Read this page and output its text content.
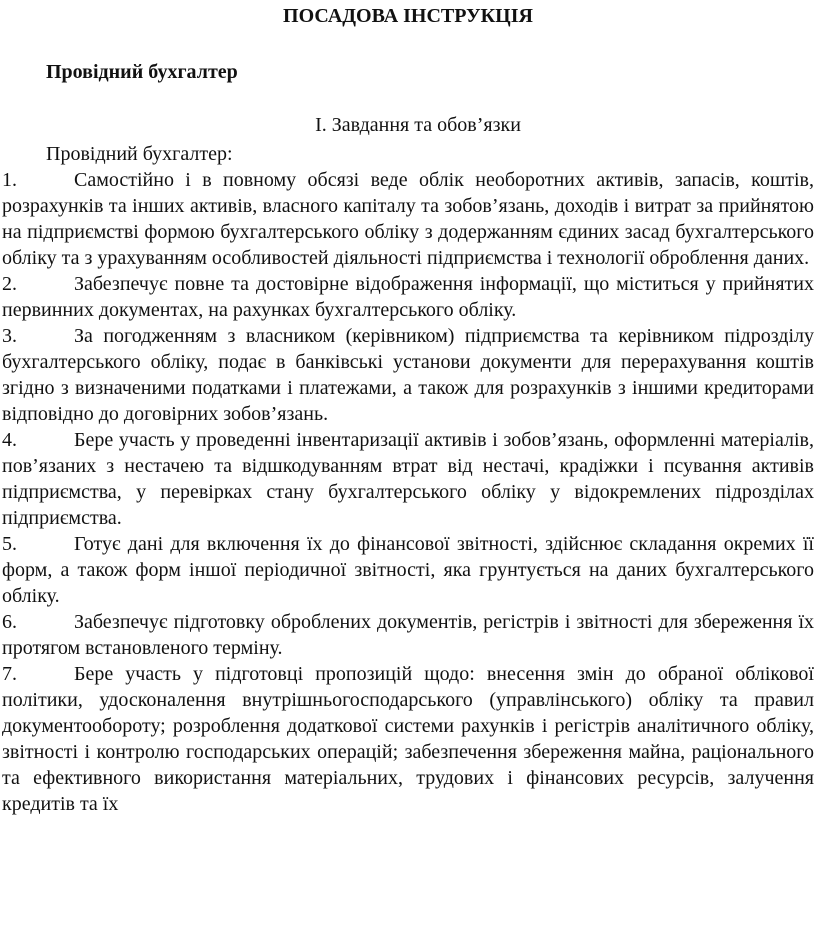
ПОСАДОВА ІНСТРУКЦІЯ
Провідний бухгалтер
I. Завдання та обов’язки
Провідний бухгалтер:

1.	Самостійно і в повному обсязі веде облік необоротних активів, запасів, коштів, розрахунків та інших активів, власного капіталу та зобов’язань, доходів і витрат за прийнятою на підприємстві формою бухгалтерського обліку з додержанням єдиних засад бухгалтерського обліку та з урахуванням особливостей діяльності підприємства і технології оброблення даних.

2.	Забезпечує повне та достовірне відображення інформації, що міститься у прийнятих первинних документах, на рахунках бухгалтерського обліку.

3.	За погодженням з власником (керівником) підприємства та керівником підрозділу бухгалтерського обліку, подає в банківські установи документи для перерахування коштів згідно з визначеними податками і платежами, а також для розрахунків з іншими кредиторами відповідно до договірних зобов’язань.

4.	Бере участь у проведенні інвентаризації активів і зобов’язань, оформленні матеріалів, пов’язаних з нестачею та відшкодуванням втрат від нестачі, крадіжки і псування активів підприємства, у перевірках стану бухгалтерського обліку у відокремлених підрозділах підприємства.

5.	Готує дані для включення їх до фінансової звітності, здійснює складання окремих її форм, а також форм іншої періодичної звітності, яка грунтується на даних бухгалтерського обліку.

6.	Забезпечує підготовку оброблених документів, регістрів і звітності для збереження їх протягом встановленого терміну.

7.	Бере участь у підготовці пропозицій щодо: внесення змін до обраної облікової політики, удосконалення внутрішньогосподарського (управлінського) обліку та правил документообороту; розроблення додаткової системи рахунків і регістрів аналітичного обліку, звітності і контролю господарських операцій; забезпечення збереження майна, раціонального та ефективного використання матеріальних, трудових і фінансових ресурсів, залучення кредитів та їх
